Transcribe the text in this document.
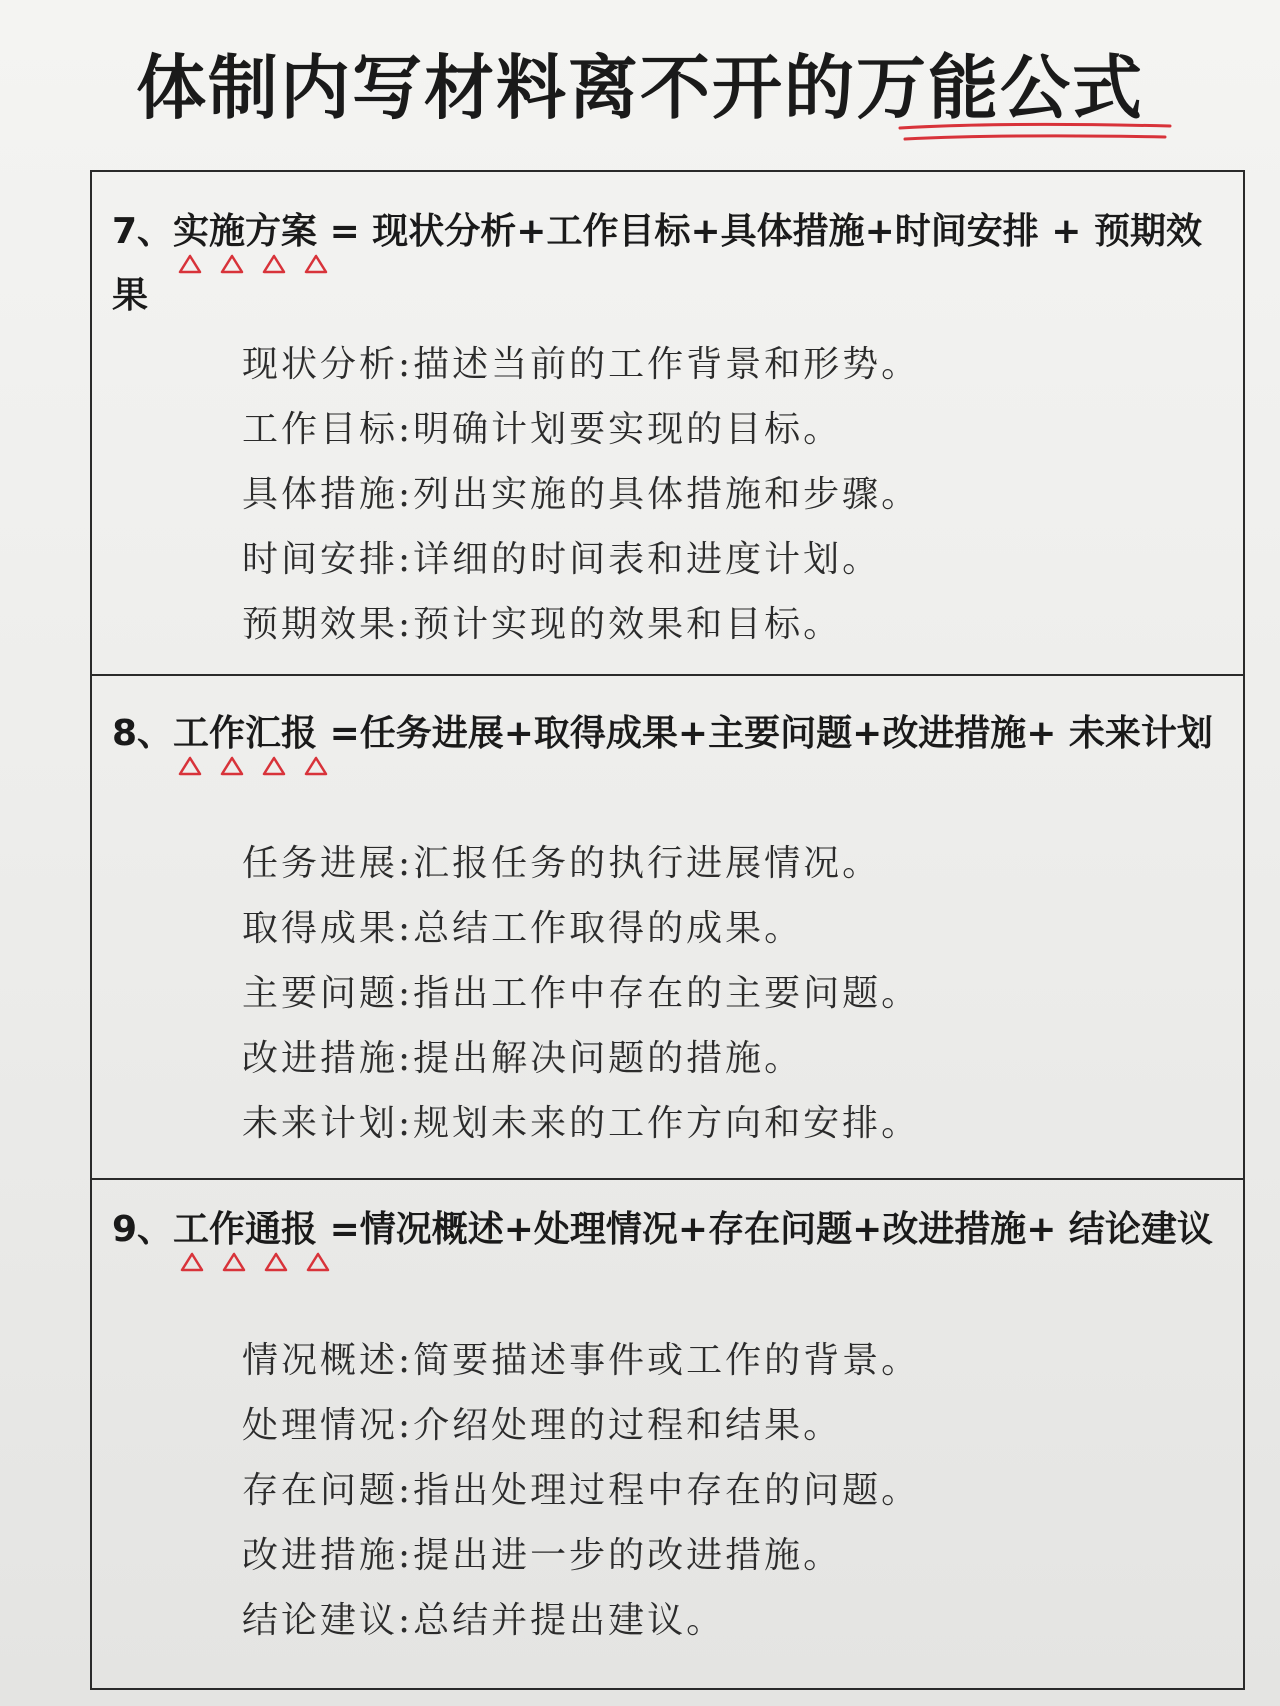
体制内写材料离不开的万能公式
7、实施方案 = 现状分析+工作目标+具体措施+时间安排 + 预期效果
现状分析:描述当前的工作背景和形势。
工作目标:明确计划要实现的目标。
具体措施:列出实施的具体措施和步骤。
时间安排:详细的时间表和进度计划。
预期效果:预计实现的效果和目标。
8、工作汇报 =任务进展+取得成果+主要问题+改进措施+ 未来计划
任务进展:汇报任务的执行进展情况。
取得成果:总结工作取得的成果。
主要问题:指出工作中存在的主要问题。
改进措施:提出解决问题的措施。
未来计划:规划未来的工作方向和安排。
9、工作通报 =情况概述+处理情况+存在问题+改进措施+ 结论建议
情况概述:简要描述事件或工作的背景。
处理情况:介绍处理的过程和结果。
存在问题:指出处理过程中存在的问题。
改进措施:提出进一步的改进措施。
结论建议:总结并提出建议。
